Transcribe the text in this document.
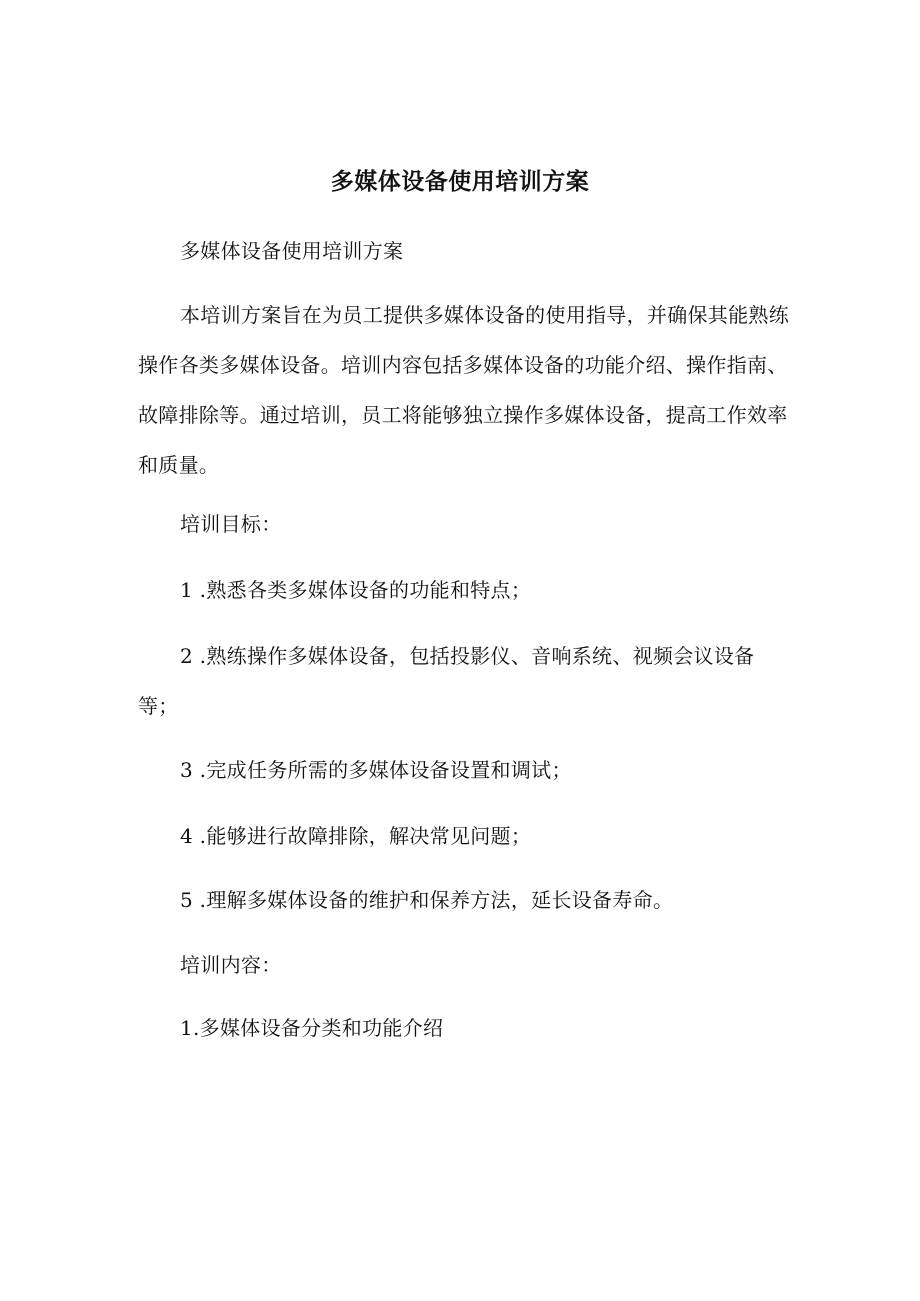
多媒体设备使用培训方案

多媒体设备使用培训方案

本培训方案旨在为员工提供多媒体设备的使用指导，并确保其能熟练操作各类多媒体设备。培训内容包括多媒体设备的功能介绍、操作指南、故障排除等。通过培训，员工将能够独立操作多媒体设备，提高工作效率和质量。

培训目标：

1 .熟悉各类多媒体设备的功能和特点；

2 .熟练操作多媒体设备，包括投影仪、音响系统、视频会议设备等；

3 .完成任务所需的多媒体设备设置和调试；

4 .能够进行故障排除，解决常见问题；

5 .理解多媒体设备的维护和保养方法，延长设备寿命。

培训内容：

1.多媒体设备分类和功能介绍
